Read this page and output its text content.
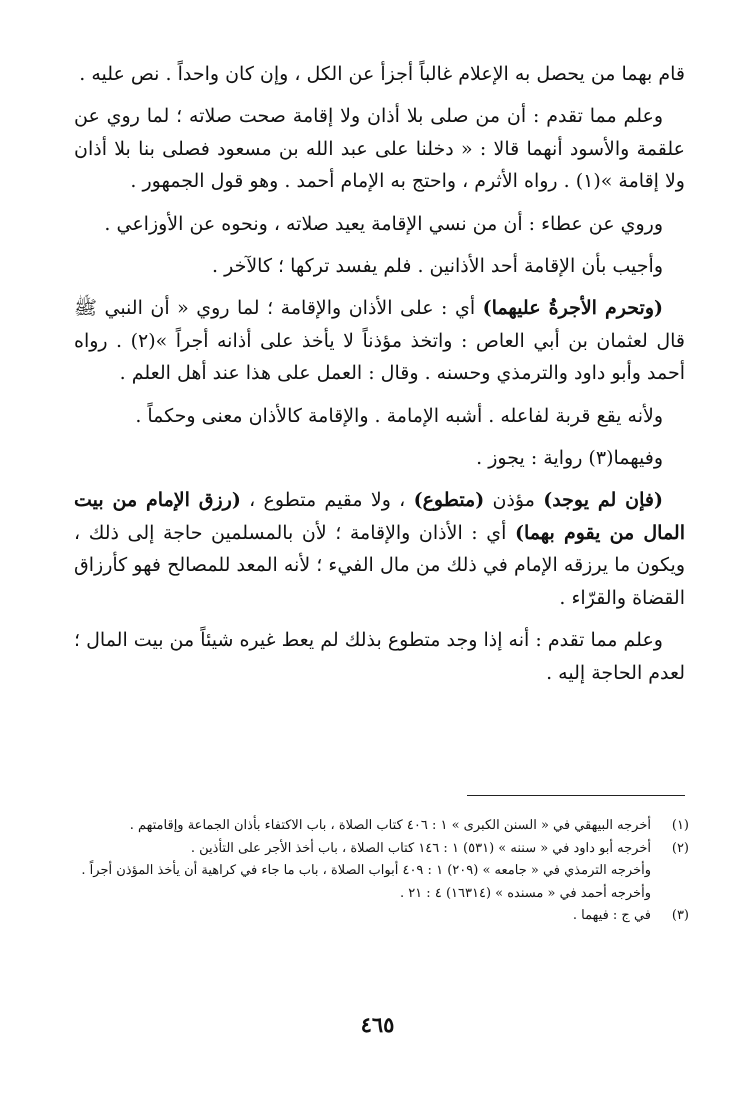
قام بهما من يحصل به الإعلام غالباً أجزأ عن الكل ، وإن كان واحداً . نص عليه .

وعلم مما تقدم : أن من صلى بلا أذان ولا إقامة صحت صلاته ؛ لما روي عن علقمة والأسود أنهما قالا : « دخلنا على عبد الله بن مسعود فصلى بنا بلا أذان ولا إقامة »(١) . رواه الأثرم ، واحتج به الإمام أحمد . وهو قول الجمهور .

وروي عن عطاء : أن من نسي الإقامة يعيد صلاته ، ونحوه عن الأوزاعي .

وأجيب بأن الإقامة أحد الأذانين . فلم يفسد تركها ؛ كالآخر .

(وتحرم الأجرةُ عليهما) أي : على الأذان والإقامة ؛ لما روي « أن النبي ﷺ قال لعثمان بن أبي العاص : واتخذ مؤذناً لا يأخذ على أذانه أجراً »(٢) . رواه أحمد وأبو داود والترمذي وحسنه . وقال : العمل على هذا عند أهل العلم .

ولأنه يقع قربة لفاعله . أشبه الإمامة . والإقامة كالأذان معنى وحكماً .

وفيهما(٣) رواية : يجوز .

(فإن لم يوجد) مؤذن (متطوع) ، ولا مقيم متطوع ، (رزق الإمام من بيت المال من يقوم بهما) أي : الأذان والإقامة ؛ لأن بالمسلمين حاجة إلى ذلك ، ويكون ما يرزقه الإمام في ذلك من مال الفيء ؛ لأنه المعد للمصالح فهو كأرزاق القضاة والقرّاء .

وعلم مما تقدم : أنه إذا وجد متطوع بذلك لم يعط غيره شيئاً من بيت المال ؛ لعدم الحاجة إليه .

(١)
أخرجه البيهقي في « السنن الكبرى » ١ : ٤٠٦ كتاب الصلاة ، باب الاكتفاء بأذان الجماعة وإقامتهم .
(٢)
أخرجه أبو داود في « سننه » (٥٣١) ١ : ١٤٦ كتاب الصلاة ، باب أخذ الأجر على التأذين .
وأخرجه الترمذي في « جامعه » (٢٠٩) ١ : ٤٠٩ أبواب الصلاة ، باب ما جاء في كراهية أن يأخذ المؤذن أجراً .
وأخرجه أحمد في « مسنده » (١٦٣١٤) ٤ : ٢١ .
(٣)
في ج : فيهما .
٤٦٥
